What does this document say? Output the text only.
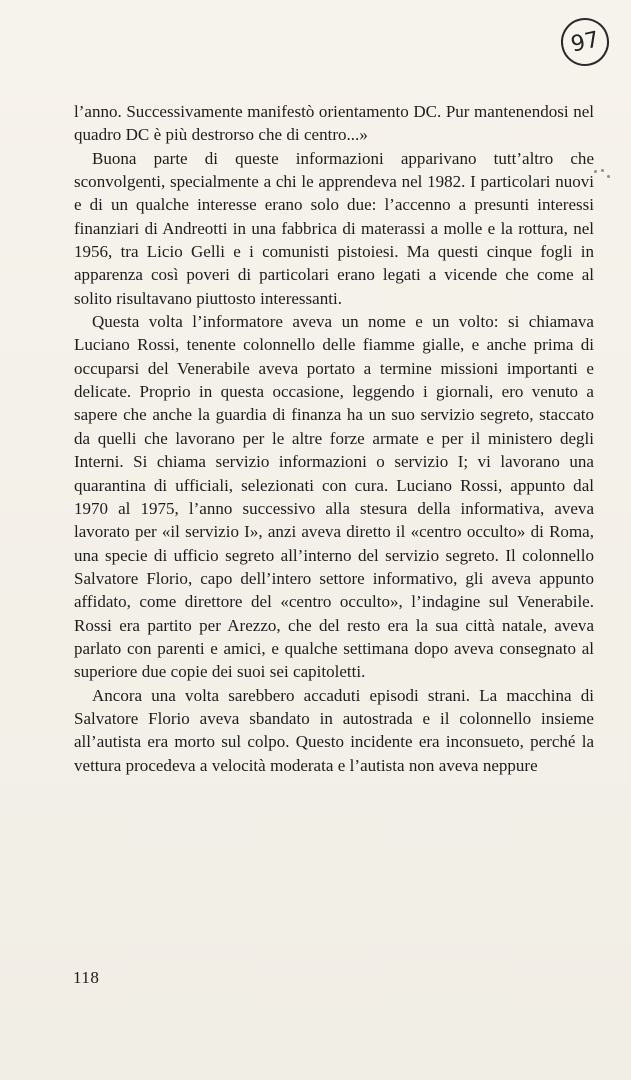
97

l’anno. Successivamente manifestò orientamento DC. Pur mantenendosi nel quadro DC è più destrorso che di centro...»

Buona parte di queste informazioni apparivano tutt’altro che sconvolgenti, specialmente a chi le apprendeva nel 1982. I particolari nuovi e di un qualche interesse erano solo due: l’accenno a presunti interessi finanziari di Andreotti in una fabbrica di materassi a molle e la rottura, nel 1956, tra Licio Gelli e i comunisti pistoiesi. Ma questi cinque fogli in apparenza così poveri di particolari erano legati a vicende che come al solito risultavano piuttosto interessanti.

Questa volta l’informatore aveva un nome e un volto: si chiamava Luciano Rossi, tenente colonnello delle fiamme gialle, e anche prima di occuparsi del Venerabile aveva portato a termine missioni importanti e delicate. Proprio in questa occasione, leggendo i giornali, ero venuto a sapere che anche la guardia di finanza ha un suo servizio segreto, staccato da quelli che lavorano per le altre forze armate e per il ministero degli Interni. Si chiama servizio informazioni o servizio I; vi lavorano una quarantina di ufficiali, selezionati con cura. Luciano Rossi, appunto dal 1970 al 1975, l’anno successivo alla stesura della informativa, aveva lavorato per «il servizio I», anzi aveva diretto il «centro occulto» di Roma, una specie di ufficio segreto all’interno del servizio segreto. Il colonnello Salvatore Florio, capo dell’intero settore informativo, gli aveva appunto affidato, come direttore del «centro occulto», l’indagine sul Venerabile. Rossi era partito per Arezzo, che del resto era la sua città natale, aveva parlato con parenti e amici, e qualche settimana dopo aveva consegnato al superiore due copie dei suoi sei capitoletti.

Ancora una volta sarebbero accaduti episodi strani. La macchina di Salvatore Florio aveva sbandato in autostrada e il colonnello insieme all’autista era morto sul colpo. Questo incidente era inconsueto, perché la vettura procedeva a velocità moderata e l’autista non aveva neppure

118
